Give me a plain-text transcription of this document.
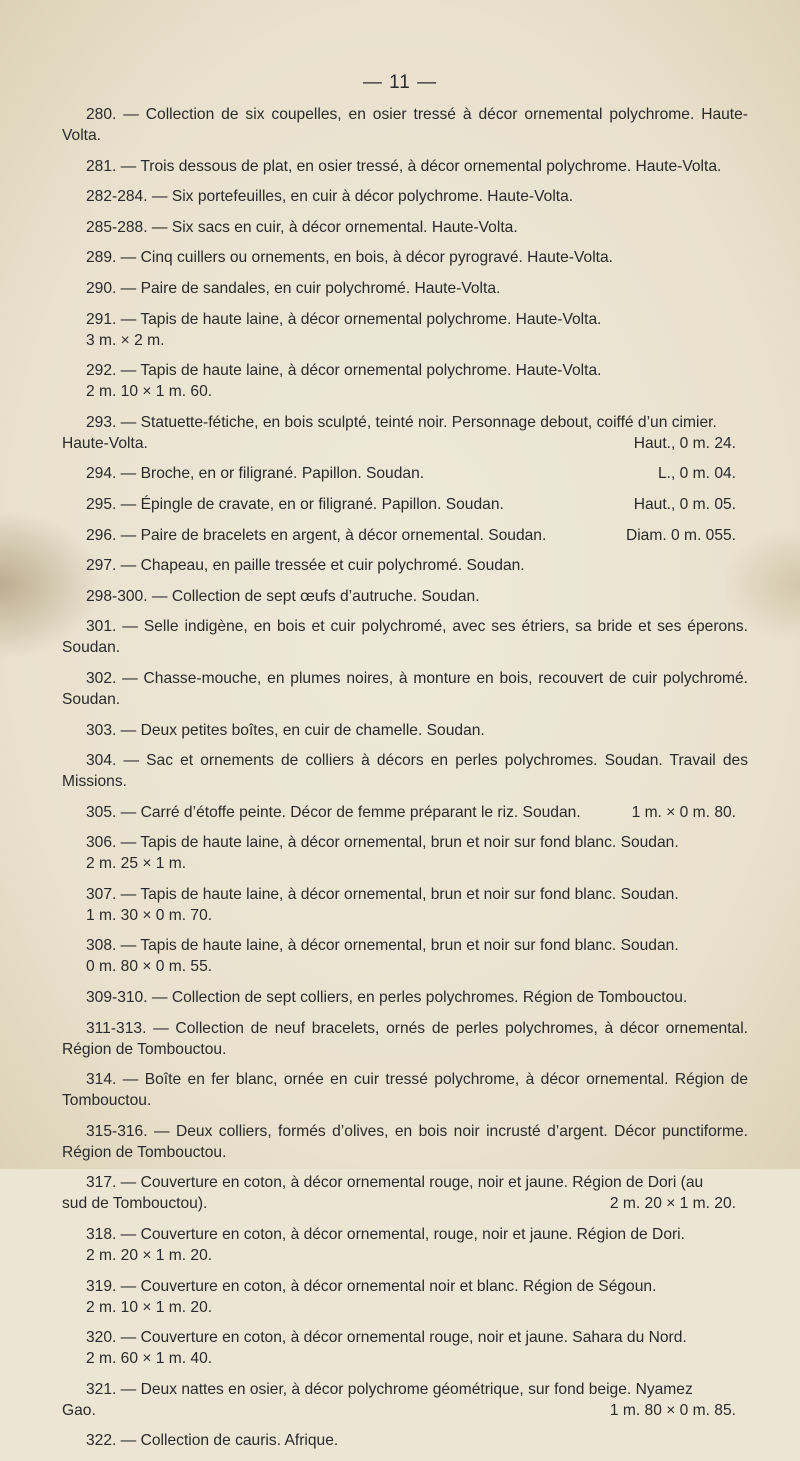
— 11 —

280. — Collection de six coupelles, en osier tressé à décor ornemental polychrome. Haute-Volta.

281. — Trois dessous de plat, en osier tressé, à décor ornemental polychrome. Haute-Volta.

282-284. — Six portefeuilles, en cuir à décor polychrome. Haute-Volta.

285-288. — Six sacs en cuir, à décor ornemental. Haute-Volta.

289. — Cinq cuillers ou ornements, en bois, à décor pyrogravé. Haute-Volta.

290. — Paire de sandales, en cuir polychromé. Haute-Volta.

291. — Tapis de haute laine, à décor ornemental polychrome. Haute-Volta.

3 m. × 2 m.

292. — Tapis de haute laine, à décor ornemental polychrome. Haute-Volta.

2 m. 10 × 1 m. 60.

293. — Statuette-fétiche, en bois sculpté, teinté noir. Personnage debout, coiffé d’un cimier.

Haute-Volta.	Haut., 0 m. 24.
294. — Broche, en or filigrané. Papillon. Soudan.	L., 0 m. 04.
295. — Épingle de cravate, en or filigrané. Papillon. Soudan.	Haut., 0 m. 05.
296. — Paire de bracelets en argent, à décor ornemental. Soudan.	Diam. 0 m. 055.

297. — Chapeau, en paille tressée et cuir polychromé. Soudan.

298-300. — Collection de sept œufs d’autruche. Soudan.

301. — Selle indigène, en bois et cuir polychromé, avec ses étriers, sa bride et ses éperons. Soudan.

302. — Chasse-mouche, en plumes noires, à monture en bois, recouvert de cuir polychromé. Soudan.

303. — Deux petites boîtes, en cuir de chamelle. Soudan.

304. — Sac et ornements de colliers à décors en perles polychromes. Soudan. Travail des Missions.

305. — Carré d’étoffe peinte. Décor de femme préparant le riz. Soudan.	1 m. × 0 m. 80.

306. — Tapis de haute laine, à décor ornemental, brun et noir sur fond blanc. Soudan.

2 m. 25 × 1 m.

307. — Tapis de haute laine, à décor ornemental, brun et noir sur fond blanc. Soudan.

1 m. 30 × 0 m. 70.

308. — Tapis de haute laine, à décor ornemental, brun et noir sur fond blanc. Soudan.

0 m. 80 × 0 m. 55.

309-310. — Collection de sept colliers, en perles polychromes. Région de Tombouctou.

311-313. — Collection de neuf bracelets, ornés de perles polychromes, à décor ornemental. Région de Tombouctou.

314. — Boîte en fer blanc, ornée en cuir tressé polychrome, à décor ornemental. Région de Tombouctou.

315-316. — Deux colliers, formés d’olives, en bois noir incrusté d’argent. Décor punctiforme. Région de Tombouctou.

317. — Couverture en coton, à décor ornemental rouge, noir et jaune. Région de Dori (au

sud de Tombouctou).	2 m. 20 × 1 m. 20.

318. — Couverture en coton, à décor ornemental, rouge, noir et jaune. Région de Dori.

2 m. 20 × 1 m. 20.

319. — Couverture en coton, à décor ornemental noir et blanc. Région de Ségoun.

2 m. 10 × 1 m. 20.

320. — Couverture en coton, à décor ornemental rouge, noir et jaune. Sahara du Nord.

2 m. 60 × 1 m. 40.

321. — Deux nattes en osier, à décor polychrome géométrique, sur fond beige. Nyamez

Gao.	1 m. 80 × 0 m. 85.

322. — Collection de cauris. Afrique.
